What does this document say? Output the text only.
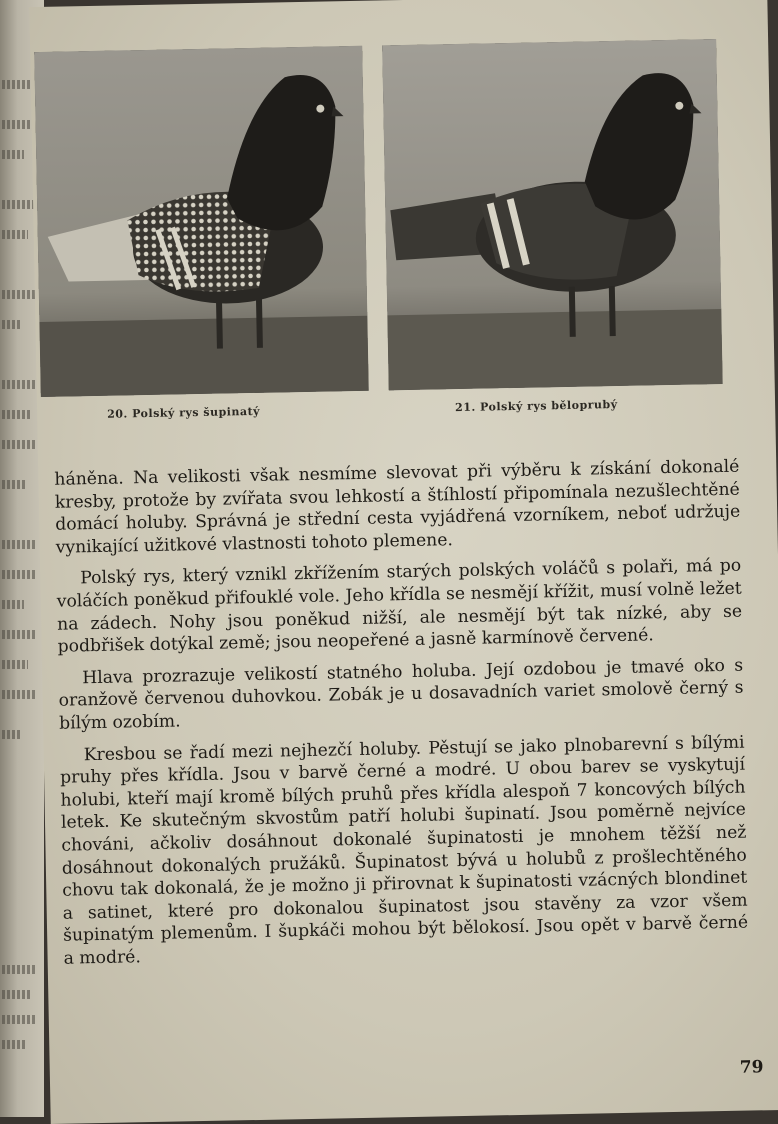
20. Polský rys šupinatý	21. Polský rys běloprubý

háněna. Na velikosti však nesmíme slevovat při výběru k získání dokonalé kresby, protože by zvířata svou lehkostí a štíhlostí připomínala nezušlechtěné domácí holuby. Správná je střední cesta vyjádřená vzorníkem, neboť udržuje vynikající užitkové vlastnosti tohoto plemene.

Polský rys, který vznikl zkřížením starých polských voláčů s polaři, má po voláčích poněkud přifouklé vole. Jeho křídla se nesmějí křížit, musí volně ležet na zádech. Nohy jsou poněkud nižší, ale nesmějí být tak nízké, aby se podbřišek dotýkal země; jsou neopeřené a jasně karmínově červené.

Hlava prozrazuje velikostí statného holuba. Její ozdobou je tmavé oko s oranžově červenou duhovkou. Zobák je u dosavadních variet smolově černý s bílým ozobím.

Kresbou se řadí mezi nejhezčí holuby. Pěstují se jako plnobarevní s bílými pruhy přes křídla. Jsou v barvě černé a modré. U obou barev se vyskytují holubi, kteří mají kromě bílých pruhů přes křídla alespoň 7 koncových bílých letek. Ke skutečným skvostům patří holubi šupinatí. Jsou poměrně nejvíce chováni, ačkoliv dosáhnout dokonalé šupinatosti je mnohem těžší než dosáhnout dokonalých pružáků. Šupinatost bývá u holubů z prošlechtěného chovu tak dokonalá, že je možno ji přirovnat k šupinatosti vzácných blondinet a satinet, které pro dokonalou šupinatost jsou stavěny za vzor všem šupinatým plemenům. I šupkáči mohou být bělokosí. Jsou opět v barvě černé a modré.

79
